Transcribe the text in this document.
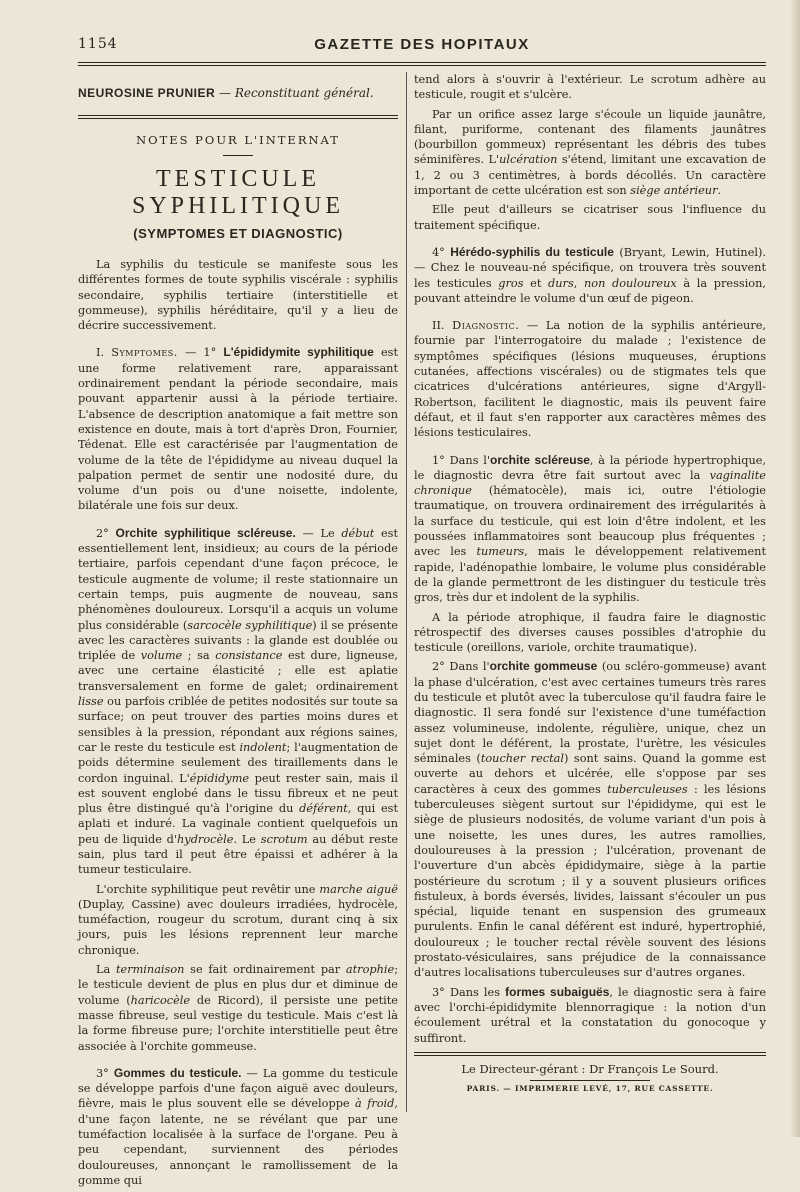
1154	GAZETTE DES HOPITAUX
NEUROSINE PRUNIER — Reconstituant général.
NOTES POUR L'INTERNAT
TESTICULE SYPHILITIQUE
(SYMPTOMES ET DIAGNOSTIC)

La syphilis du testicule se manifeste sous les différentes formes de toute syphilis viscérale : syphilis secondaire, syphilis tertiaire (interstitielle et gommeuse), syphilis héréditaire, qu'il y a lieu de décrire successivement.

I. Symptomes. — 1° L'épididymite syphilitique est une forme relativement rare, apparaissant ordinairement pendant la période secondaire, mais pouvant appartenir aussi à la période tertiaire. L'absence de description anatomique a fait mettre son existence en doute, mais à tort d'après Dron, Fournier, Tédenat. Elle est caractérisée par l'augmentation de volume de la tête de l'épididyme au niveau duquel la palpation permet de sentir une nodosité dure, du volume d'un pois ou d'une noisette, indolente, bilatérale une fois sur deux.

2° Orchite syphilitique scléreuse. — Le début est essentiellement lent, insidieux; au cours de la période tertiaire, parfois cependant d'une façon précoce, le testicule augmente de volume; il reste stationnaire un certain temps, puis augmente de nouveau, sans phénomènes douloureux. Lorsqu'il a acquis un volume plus considérable (sarcocèle syphilitique) il se présente avec les caractères suivants : la glande est doublée ou triplée de volume ; sa consistance est dure, ligneuse, avec une certaine élasticité ; elle est aplatie transversalement en forme de galet; ordinairement lisse ou parfois criblée de petites nodosités sur toute sa surface; on peut trouver des parties moins dures et sensibles à la pression, répondant aux régions saines, car le reste du testicule est indolent; l'augmentation de poids détermine seulement des tiraillements dans le cordon inguinal. L'épididyme peut rester sain, mais il est souvent englobé dans le tissu fibreux et ne peut plus être distingué qu'à l'origine du déférent, qui est aplati et induré. La vaginale contient quelquefois un peu de liquide d'hydrocèle. Le scrotum au début reste sain, plus tard il peut être épaissi et adhérer à la tumeur testiculaire.

L'orchite syphilitique peut revêtir une marche aiguë (Duplay, Cassine) avec douleurs irradiées, hydrocèle, tuméfaction, rougeur du scrotum, durant cinq à six jours, puis les lésions reprennent leur marche chronique.

La terminaison se fait ordinairement par atrophie; le testicule devient de plus en plus dur et diminue de volume (haricocèle de Ricord), il persiste une petite masse fibreuse, seul vestige du testicule. Mais c'est là la forme fibreuse pure; l'orchite interstitielle peut être associée à l'orchite gommeuse.

3° Gommes du testicule. — La gomme du testicule se développe parfois d'une façon aiguë avec douleurs, fièvre, mais le plus souvent elle se développe à froid, d'une façon latente, ne se révélant que par une tuméfaction localisée à la surface de l'organe. Peu à peu cependant, surviennent des périodes douloureuses, annonçant le ramollissement de la gomme qui

tend alors à s'ouvrir à l'extérieur. Le scrotum adhère au testicule, rougit et s'ulcère.

Par un orifice assez large s'écoule un liquide jaunâtre, filant, puriforme, contenant des filaments jaunâtres (bourbillon gommeux) représentant les débris des tubes séminifères. L'ulcération s'étend, limitant une excavation de 1, 2 ou 3 centimètres, à bords décollés. Un caractère important de cette ulcération est son siège antérieur.

Elle peut d'ailleurs se cicatriser sous l'influence du traitement spécifique.

4° Hérédo-syphilis du testicule (Bryant, Lewin, Hutinel). — Chez le nouveau-né spécifique, on trouvera très souvent les testicules gros et durs, non douloureux à la pression, pouvant atteindre le volume d'un œuf de pigeon.

II. Diagnostic. — La notion de la syphilis antérieure, fournie par l'interrogatoire du malade ; l'existence de symptômes spécifiques (lésions muqueuses, éruptions cutanées, affections viscérales) ou de stigmates tels que cicatrices d'ulcérations antérieures, signe d'Argyll-Robertson, facilitent le diagnostic, mais ils peuvent faire défaut, et il faut s'en rapporter aux caractères mêmes des lésions testiculaires.

1° Dans l'orchite scléreuse, à la période hypertrophique, le diagnostic devra être fait surtout avec la vaginalite chronique (hématocèle), mais ici, outre l'étiologie traumatique, on trouvera ordinairement des irrégularités à la surface du testicule, qui est loin d'être indolent, et les poussées inflammatoires sont beaucoup plus fréquentes ; avec les tumeurs, mais le développement relativement rapide, l'adénopathie lombaire, le volume plus considérable de la glande permettront de les distinguer du testicule très gros, très dur et indolent de la syphilis.

A la période atrophique, il faudra faire le diagnostic rétrospectif des diverses causes possibles d'atrophie du testicule (oreillons, variole, orchite traumatique).

2° Dans l'orchite gommeuse (ou scléro-gommeuse) avant la phase d'ulcération, c'est avec certaines tumeurs très rares du testicule et plutôt avec la tuberculose qu'il faudra faire le diagnostic. Il sera fondé sur l'existence d'une tuméfaction assez volumineuse, indolente, régulière, unique, chez un sujet dont le déférent, la prostate, l'urètre, les vésicules séminales (toucher rectal) sont sains. Quand la gomme est ouverte au dehors et ulcérée, elle s'oppose par ses caractères à ceux des gommes tuberculeuses : les lésions tuberculeuses siègent surtout sur l'épididyme, qui est le siège de plusieurs nodosités, de volume variant d'un pois à une noisette, les unes dures, les autres ramollies, douloureuses à la pression ; l'ulcération, provenant de l'ouverture d'un abcès épididymaire, siège à la partie postérieure du scrotum ; il y a souvent plusieurs orifices fistuleux, à bords éversés, livides, laissant s'écouler un pus spécial, liquide tenant en suspension des grumeaux purulents. Enfin le canal déférent est induré, hypertrophié, douloureux ; le toucher rectal révèle souvent des lésions prostato-vésiculaires, sans préjudice de la connaissance d'autres localisations tuberculeuses sur d'autres organes.

3° Dans les formes subaiguës, le diagnostic sera à faire avec l'orchi-épididymite blennorragique : la notion d'un écoulement urétral et la constatation du gonocoque y suffiront.

Le Directeur-gérant : Dr François Le Sourd.
PARIS. — IMPRIMERIE LEVÉ, 17, RUE CASSETTE.
